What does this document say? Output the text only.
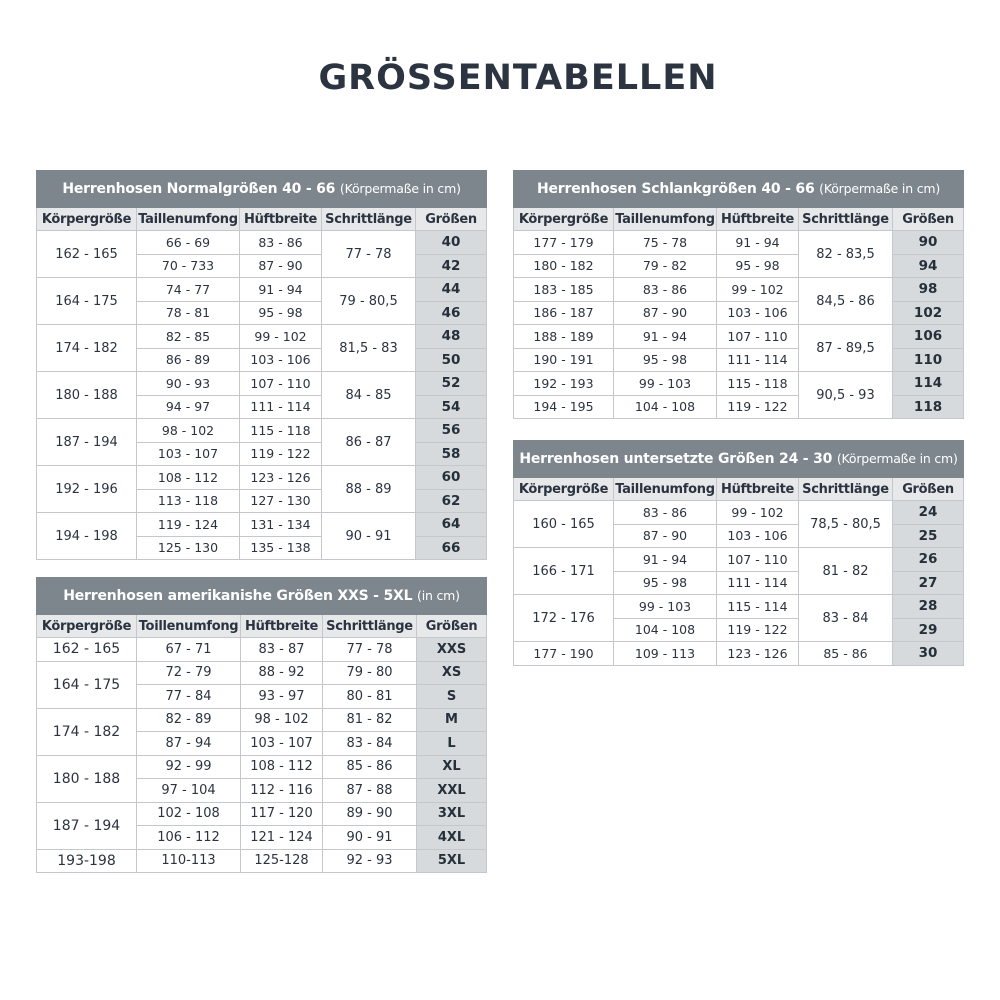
GRÖSSENTABELLEN
Herrenhosen Normalgrößen 40 - 66 (Körpermaße in cm)				
Körpergröße	Taillenumfong	Hüftbreite	Schrittlänge	Größen
162 - 165	66 - 69	83 - 86	77 - 78	40
	70 - 733	87 - 90		42
164 - 175	74 - 77	91 - 94	79 - 80,5	44
	78 - 81	95 - 98		46
174 - 182	82 - 85	99 - 102	81,5 - 83	48
	86 - 89	103 - 106		50
180 - 188	90 - 93	107 - 110	84 - 85	52
	94 - 97	111 - 114		54
187 - 194	98 - 102	115 - 118	86 - 87	56
	103 - 107	119 - 122		58
192 - 196	108 - 112	123 - 126	88 - 89	60
	113 - 118	127 - 130		62
194 - 198	119 - 124	131 - 134	90 - 91	64
	125 - 130	135 - 138		66
Herrenhosen Schlankgrößen 40 - 66 (Körpermaße in cm)				
Körpergröße	Taillenumfong	Hüftbreite	Schrittlänge	Größen
177 - 179	75 - 78	91 - 94	82 - 83,5	90
180 - 182	79 - 82	95 - 98		94
183 - 185	83 - 86	99 - 102	84,5 - 86	98
186 - 187	87 - 90	103 - 106		102
188 - 189	91 - 94	107 - 110	87 - 89,5	106
190 - 191	95 - 98	111 - 114		110
192 - 193	99 - 103	115 - 118	90,5 - 93	114
194 - 195	104 - 108	119 - 122		118
Herrenhosen untersetzte Größen 24 - 30 (Körpermaße in cm)				
Körpergröße	Taillenumfong	Hüftbreite	Schrittlänge	Größen
160 - 165	83 - 86	99 - 102	78,5 - 80,5	24
	87 - 90	103 - 106		25
166 - 171	91 - 94	107 - 110	81 - 82	26
	95 - 98	111 - 114		27
172 - 176	99 - 103	115 - 114	83 - 84	28
	104 - 108	119 - 122		29
177 - 190	109 - 113	123 - 126	85 - 86	30
Herrenhosen amerikanishe Größen XXS - 5XL (in cm)				
Körpergröße	Toillenumfong	Hüftbreite	Schrittlänge	Größen
162 - 165	67 - 71	83 - 87	77 - 78	XXS
164 - 175	72 - 79	88 - 92	79 - 80	XS
	77 - 84	93 - 97	80 - 81	S
174 - 182	82 - 89	98 - 102	81 - 82	M
	87 - 94	103 - 107	83 - 84	L
180 - 188	92 - 99	108 - 112	85 - 86	XL
	97 - 104	112 - 116	87 - 88	XXL
187 - 194	102 - 108	117 - 120	89 - 90	3XL
	106 - 112	121 - 124	90 - 91	4XL
193-198	110-113	125-128	92 - 93	5XL
